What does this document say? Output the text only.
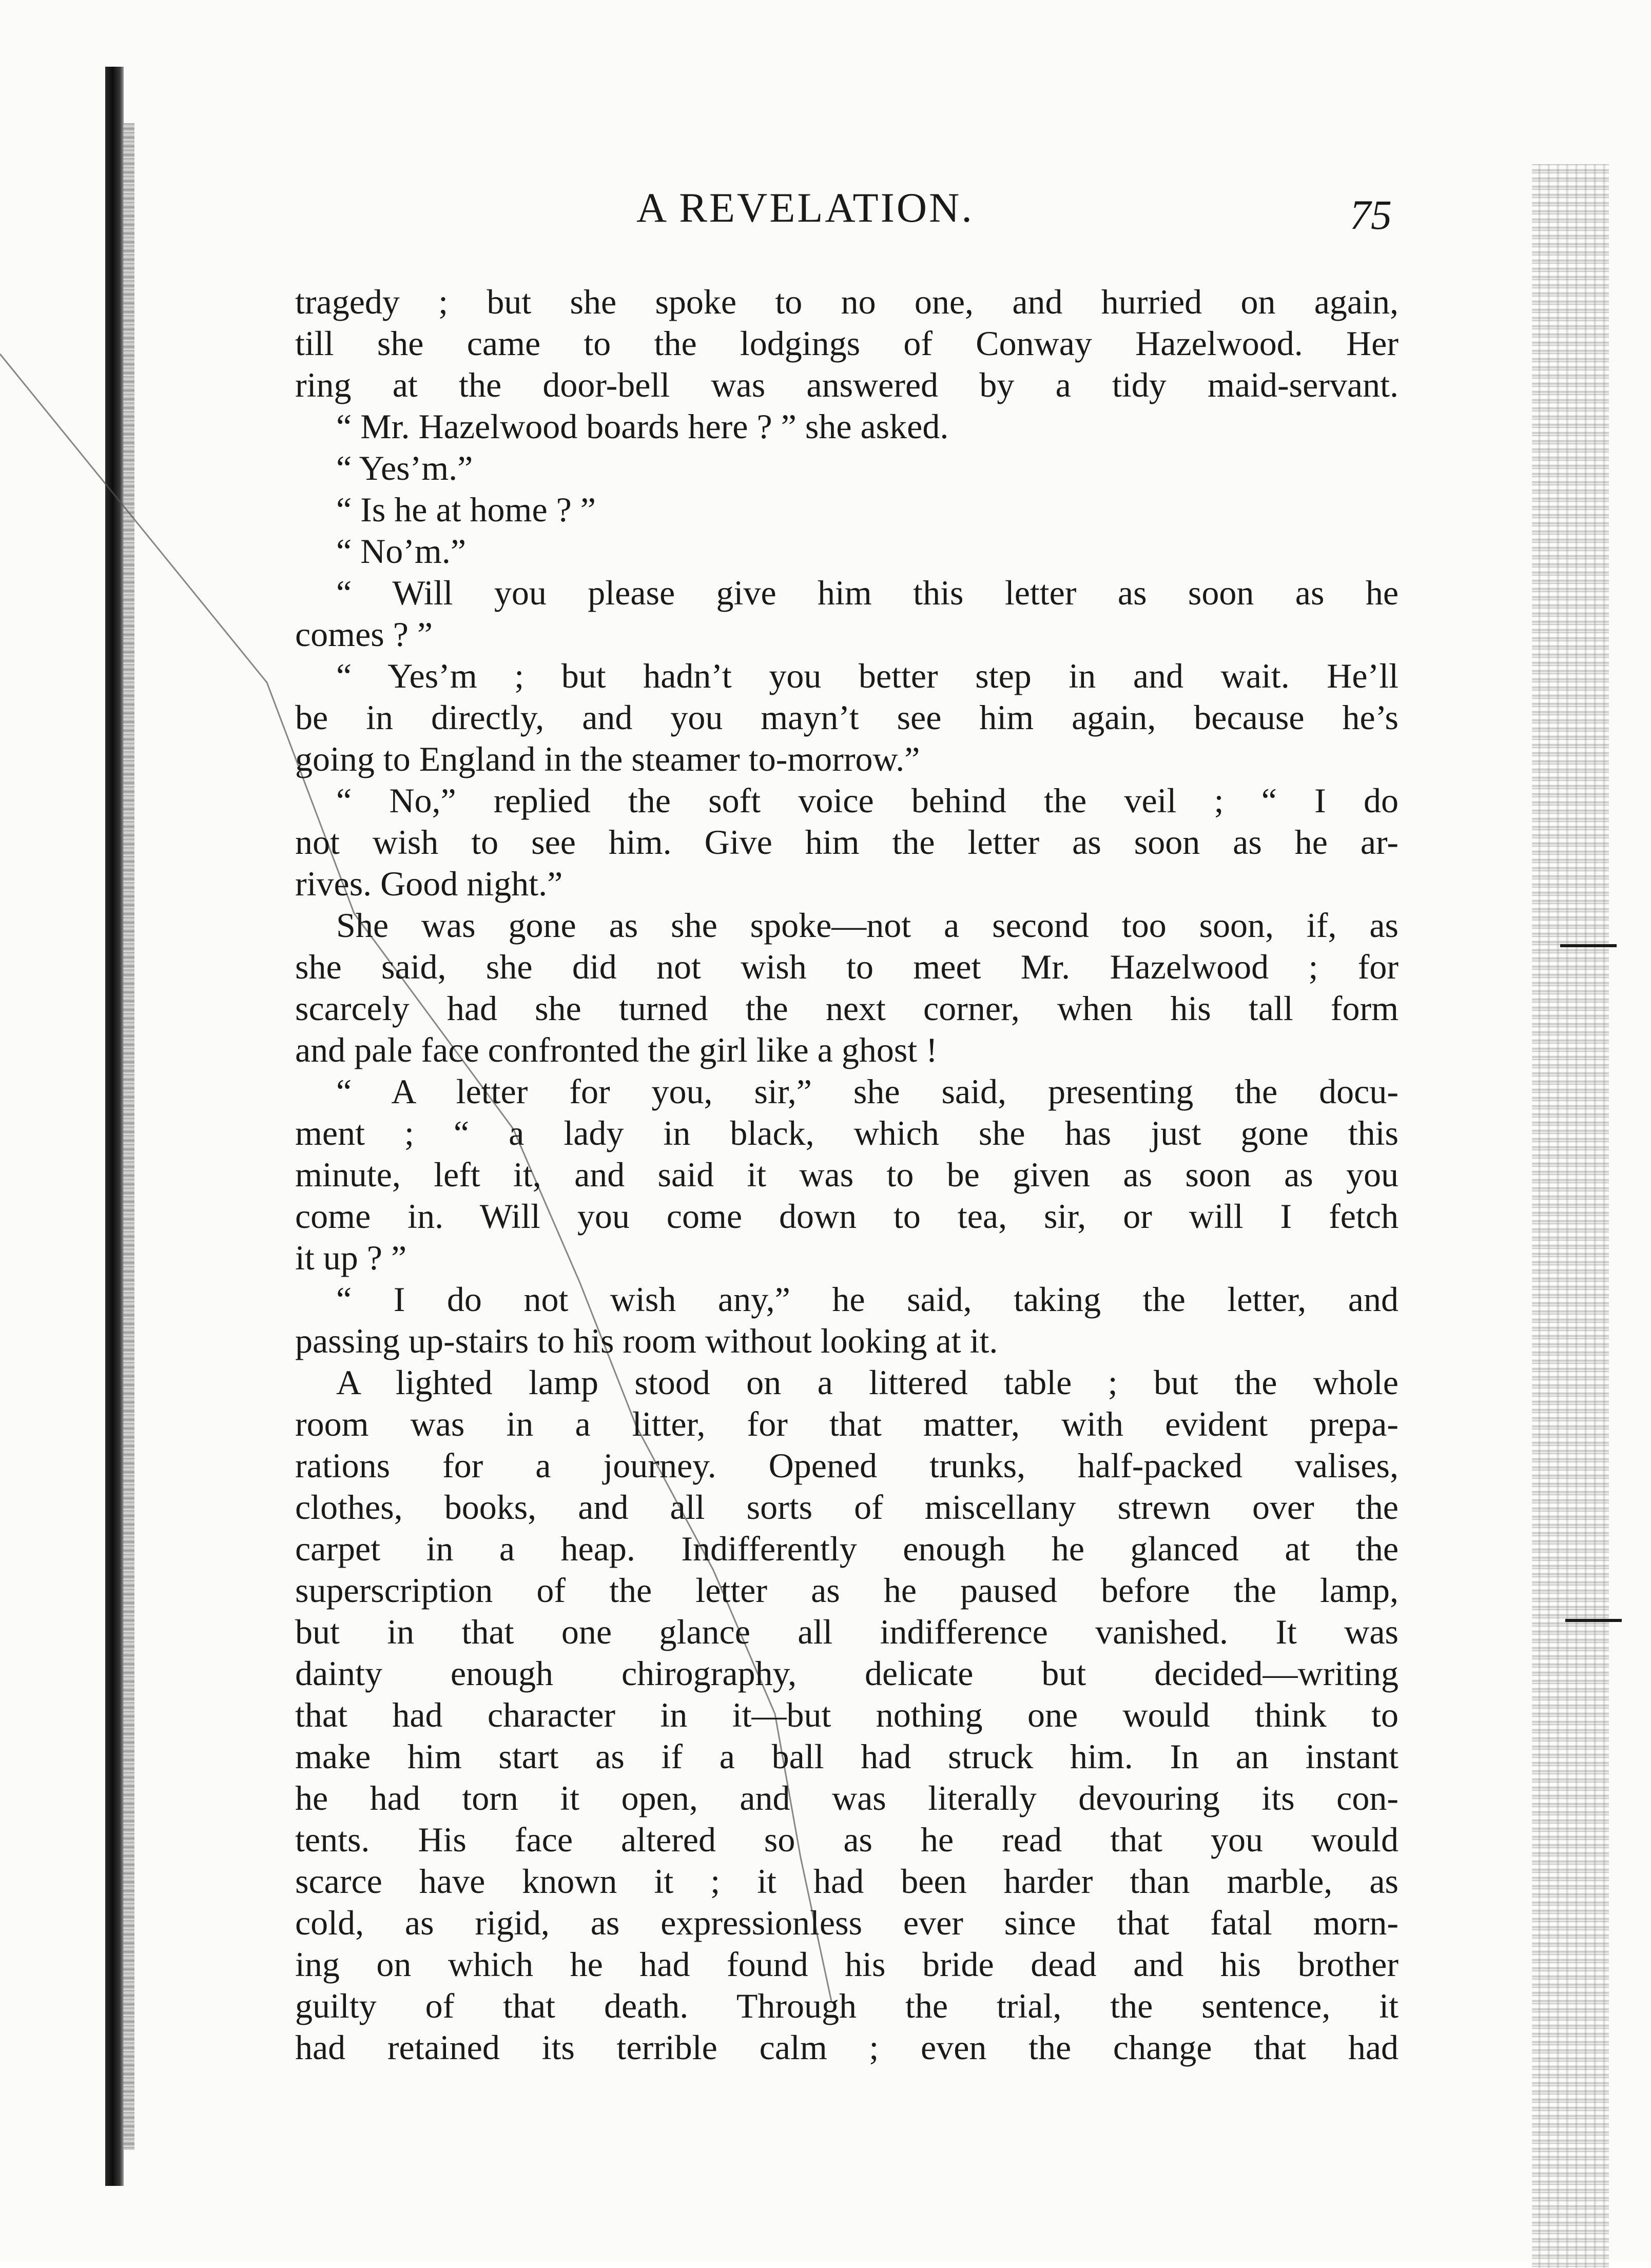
A REVELATION.	75
tragedy ; but she spoke to no one, and hurried on again,
till she came to the lodgings of Conway Hazelwood. Her
ring at the door-bell was answered by a tidy maid-servant.
“ Mr. Hazelwood boards here ? ” she asked.
“ Yes’m.”
“ Is he at home ? ”
“ No’m.”
“ Will you please give him this letter as soon as he
comes ? ”
“ Yes’m ; but hadn’t you better step in and wait. He’ll
be in directly, and you mayn’t see him again, because he’s
going to England in the steamer to-morrow.”
“ No,” replied the soft voice behind the veil ; “ I do
not wish to see him. Give him the letter as soon as he ar-
rives. Good night.”
She was gone as she spoke—not a second too soon, if, as
she said, she did not wish to meet Mr. Hazelwood ; for
scarcely had she turned the next corner, when his tall form
and pale face confronted the girl like a ghost !
“ A letter for you, sir,” she said, presenting the docu-
ment ; “ a lady in black, which she has just gone this
minute, left it, and said it was to be given as soon as you
come in. Will you come down to tea, sir, or will I fetch
it up ? ”
“ I do not wish any,” he said, taking the letter, and
passing up-stairs to his room without looking at it.
A lighted lamp stood on a littered table ; but the whole
room was in a litter, for that matter, with evident prepa-
rations for a journey. Opened trunks, half-packed valises,
clothes, books, and all sorts of miscellany strewn over the
carpet in a heap. Indifferently enough he glanced at the
superscription of the letter as he paused before the lamp,
but in that one glance all indifference vanished. It was
dainty enough chirography, delicate but decided—writing
that had character in it—but nothing one would think to
make him start as if a ball had struck him. In an instant
he had torn it open, and was literally devouring its con-
tents. His face altered so as he read that you would
scarce have known it ; it had been harder than marble, as
cold, as rigid, as expressionless ever since that fatal morn-
ing on which he had found his bride dead and his brother
guilty of that death. Through the trial, the sentence, it
had retained its terrible calm ; even the change that had
